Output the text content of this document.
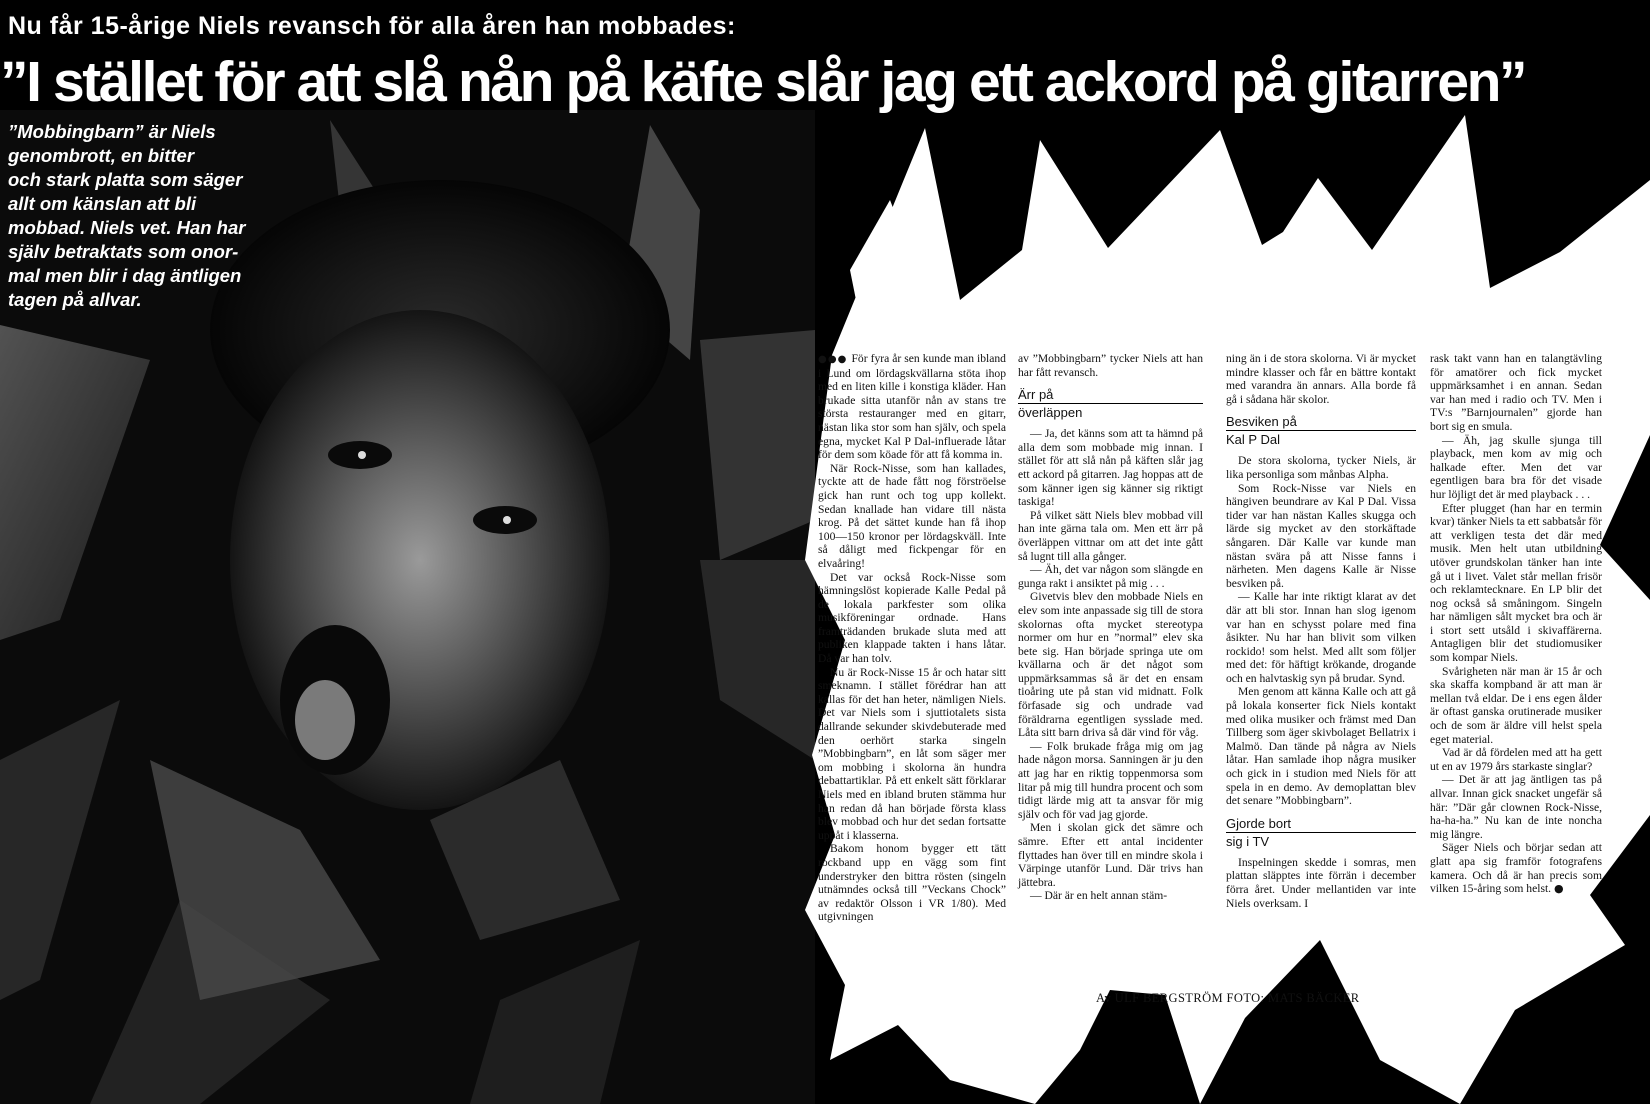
Nu får 15-årige Niels revansch för alla åren han mobbades:
”I stället för att slå nån på käfte slår jag ett ackord på gitarren”

”Mobbingbarn” är Niels
genombrott, en bitter
och stark platta som säger
allt om känslan att bli
mobbad. Niels vet. Han har
själv betraktats som onor-
mal men blir i dag äntligen
tagen på allvar.

●●● För fyra år sen kunde man ibland i Lund om lördagskvällarna stöta ihop med en liten kille i konstiga kläder. Han brukade sitta utanför nån av stans tre största restauranger med en gitarr, nästan lika stor som han själv, och spela egna, mycket Kal P Dal-influerade låtar för dem som köade för att få komma in.

När Rock-Nisse, som han kallades, tyckte att de hade fått nog förströelse gick han runt och tog upp kollekt. Sedan knallade han vidare till nästa krog. På det sättet kunde han få ihop 100—150 kronor per lördagskväll. Inte så dåligt med fickpengar för en elvaåring!

Det var också Rock-Nisse som hämningslöst kopierade Kalle Pedal på de lokala parkfester som olika musikföreningar ordnade. Hans framträdanden brukade sluta med att publiken klappade takten i hans låtar. Då var han tolv.

Nu är Rock-Nisse 15 år och hatar sitt smeknamn. I stället förédrar han att kallas för det han heter, nämligen Niels. Det var Niels som i sjuttiotalets sista dallrande sekunder skivdebuterade med den oerhört starka singeln ”Mobbingbarn”, en låt som säger mer om mobbing i skolorna än hundra debattartiklar. På ett enkelt sätt förklarar Niels med en ibland bruten stämma hur han redan då han började första klass blev mobbad och hur det sedan fortsatte uppåt i klasserna.

Bakom honom bygger ett tätt rockband upp en vägg som fint understryker den bittra rösten (singeln utnämndes också till ”Veckans Chock” av redaktör Olsson i VR 1/80). Med utgivningen

av ”Mobbingbarn” tycker Niels att han har fått revansch.

Ärr på
överläppen

— Ja, det känns som att ta hämnd på alla dem som mobbade mig innan. I stället för att slå nån på käften slår jag ett ackord på gitarren. Jag hoppas att de som känner igen sig känner sig riktigt taskiga!

På vilket sätt Niels blev mobbad vill han inte gärna tala om. Men ett ärr på överläppen vittnar om att det inte gått så lugnt till alla gånger.

— Äh, det var någon som slängde en gunga rakt i ansiktet på mig . . .

Givetvis blev den mobbade Niels en elev som inte anpassade sig till de stora skolornas ofta mycket stereotypa normer om hur en ”normal” elev ska bete sig. Han började springa ute om kvällarna och är det något som uppmärksammas så är det en ensam tioåring ute på stan vid midnatt. Folk förfasade sig och undrade vad föräldrarna egentligen sysslade med. Låta sitt barn driva så där vind för våg.

— Folk brukade fråga mig om jag hade någon morsa. Sanningen är ju den att jag har en riktig toppenmorsa som litar på mig till hundra procent och som tidigt lärde mig att ta ansvar för mig själv och för vad jag gjorde.

Men i skolan gick det sämre och sämre. Efter ett antal incidenter flyttades han över till en mindre skola i Värpinge utanför Lund. Där trivs han jättebra.

— Där är en helt annan stäm-

ning än i de stora skolorna. Vi är mycket mindre klasser och får en bättre kontakt med varandra än annars. Alla borde få gå i sådana här skolor.

Besviken på
Kal P Dal

De stora skolorna, tycker Niels, är lika personliga som månbas Alpha.

Som Rock-Nisse var Niels en hängiven beundrare av Kal P Dal. Vissa tider var han nästan Kalles skugga och lärde sig mycket av den storkäftade sångaren. Där Kalle var kunde man nästan svära på att Nisse fanns i närheten. Men dagens Kalle är Nisse besviken på.

— Kalle har inte riktigt klarat av det där att bli stor. Innan han slog igenom var han en schysst polare med fina åsikter. Nu har han blivit som vilken rockido! som helst. Med allt som följer med det: för häftigt krökande, drogande och en halvtaskig syn på brudar. Synd.

Men genom att känna Kalle och att gå på lokala konserter fick Niels kontakt med olika musiker och främst med Dan Tillberg som äger skivbolaget Bellatrix i Malmö. Dan tände på några av Niels låtar. Han samlade ihop några musiker och gick in i studion med Niels för att spela in en demo. Av demoplattan blev det senare ”Mobbingbarn”.

Gjorde bort
sig i TV

Inspelningen skedde i somras, men plattan släpptes inte förrän i december förra året. Under mellantiden var inte Niels overksam. I

rask takt vann han en talangtävling för amatörer och fick mycket uppmärksamhet i en annan. Sedan var han med i radio och TV. Men i TV:s ”Barnjournalen” gjorde han bort sig en smula.

— Äh, jag skulle sjunga till playback, men kom av mig och halkade efter. Men det var egentligen bara bra för det visade hur löjligt det är med playback . . .

Efter plugget (han har en termin kvar) tänker Niels ta ett sabbatsår för att verkligen testa det där med musik. Men helt utan utbildning utöver grundskolan tänker han inte gå ut i livet. Valet står mellan frisör och reklamtecknare. En LP blir det nog också så småningom. Singeln har nämligen sålt mycket bra och är i stort sett utsåld i skivaffärerna. Antagligen blir det studiomusiker som kompar Niels.

Svårigheten när man är 15 år och ska skaffa kompband är att man är mellan två eldar. De i ens egen ålder är oftast ganska orutinerade musiker och de som är äldre vill helst spela eget material.

Vad är då fördelen med att ha gett ut en av 1979 års starkaste singlar?

— Det är att jag äntligen tas på allvar. Innan gick snacket ungefär så här: ”Där går clownen Rock-Nisse, ha-ha-ha.” Nu kan de inte noncha mig längre.

Säger Niels och börjar sedan att glatt apa sig framför fotografens kamera. Och då är han precis som vilken 15-åring som helst. ●

Av ULF BERGSTRÖM FOTO: MATS BÄCKER
